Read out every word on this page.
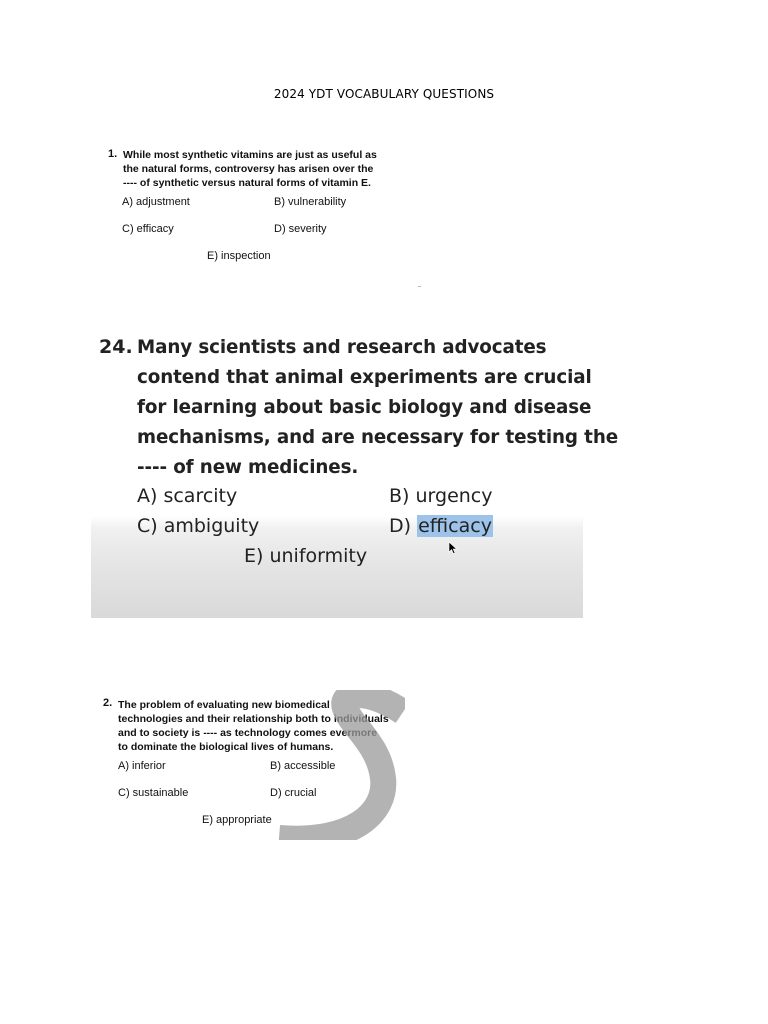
2024 YDT VOCABULARY QUESTIONS
1. While most synthetic vitamins are just as useful as
the natural forms, controversy has arisen over the
---- of synthetic versus natural forms of vitamin E.
A) adjustment	B) vulnerability
C) efficacy	D) severity
E) inspection
24. Many scientists and research advocates
contend that animal experiments are crucial
for learning about basic biology and disease
mechanisms, and are necessary for testing the
---- of new medicines.
A) scarcity	B) urgency
C) ambiguity	D) efficacy
E) uniformity
2. The problem of evaluating new biomedical
technologies and their relationship both to individuals
and to society is ---- as technology comes evermore
to dominate the biological lives of humans.
A) inferior	B) accessible
C) sustainable	D) crucial
E) appropriate
